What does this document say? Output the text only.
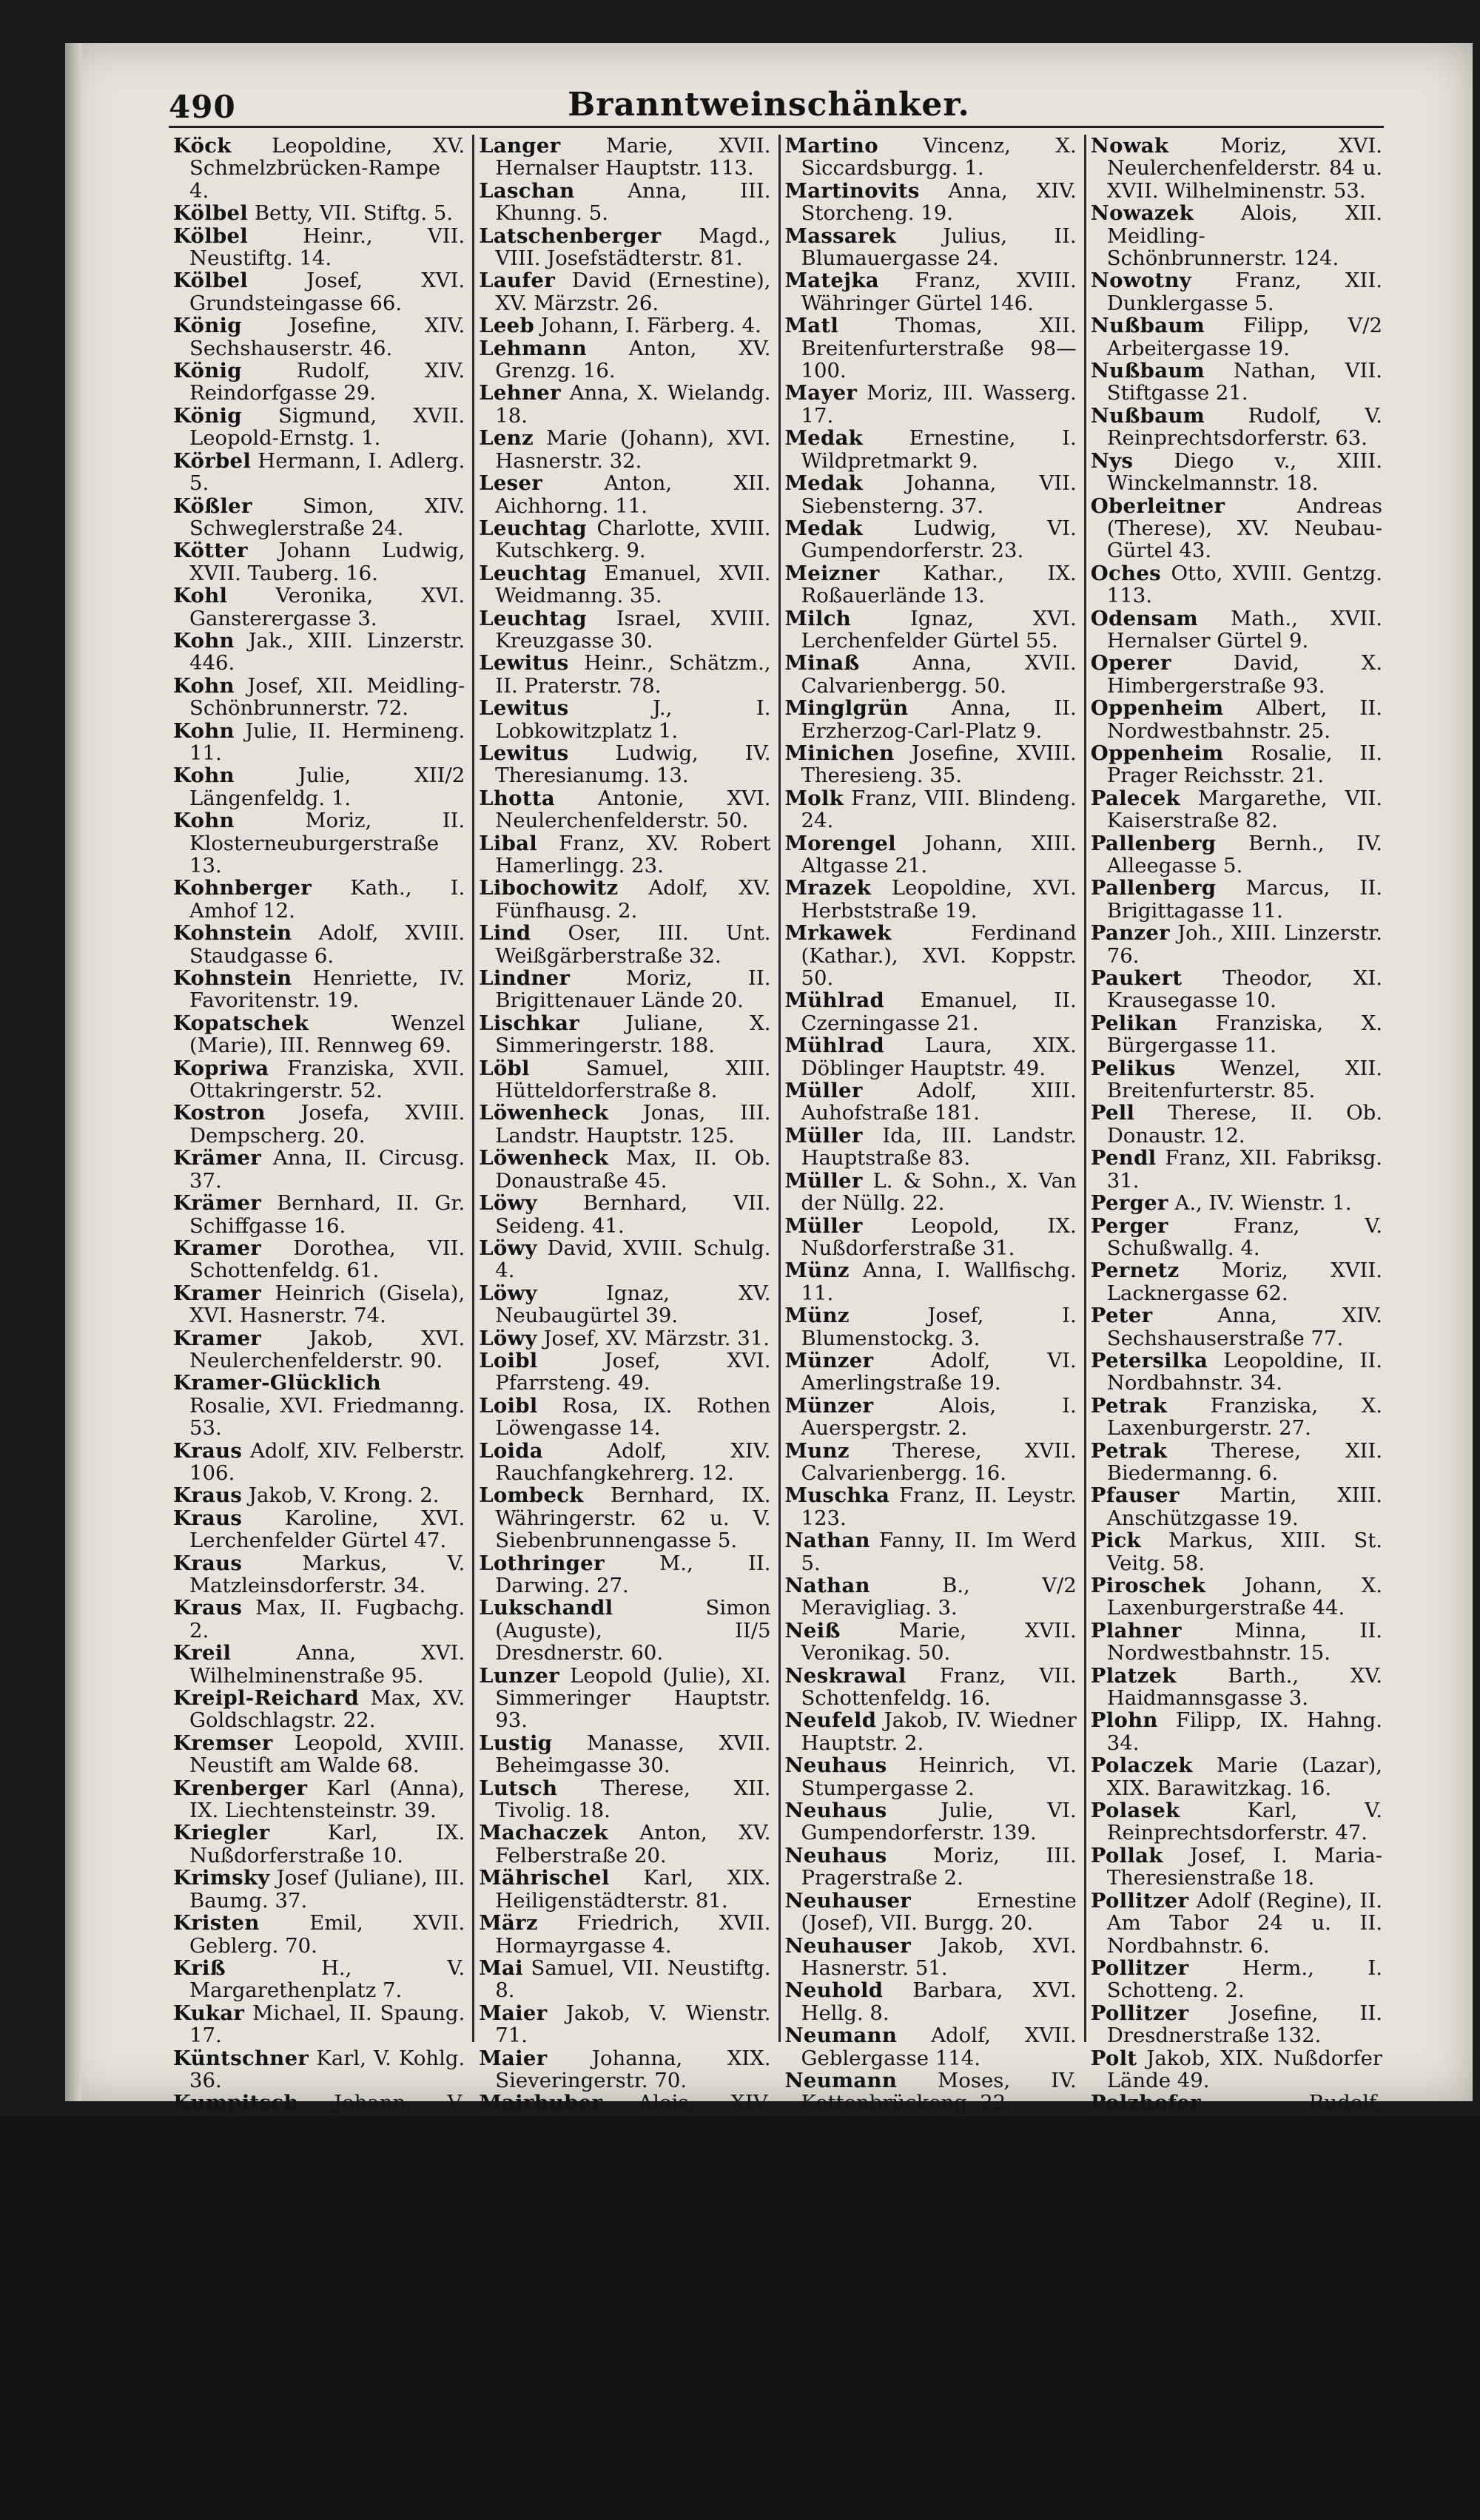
490	Branntweinschänker.
Köck Leopoldine, XV. Schmelzbrücken-Rampe 4.
Kölbel Betty, VII. Stiftg. 5.
Kölbel	Heinr., VII. Neustiftg. 14.
Kölbel	Josef, XVI. Grundsteingasse 66.
König Josefine, XIV. Sechshauserstr. 46.
König	Rudolf, XIV. Reindorfgasse 29.
König Sigmund, XVII. Leopold-Ernstg. 1.
Körbel Hermann, I. Adlerg. 5.
Kößler Simon, XIV. Schweglerstraße 24.
Kötter Johann Ludwig, XVII. Tauberg. 16.
Kohl Veronika, XVI. Gansterergasse 3.
Kohn Jak., XIII. Linzerstr. 446.
Kohn Josef, XII. Meidling-Schönbrunnerstr. 72.
Kohn Julie, II. Hermineng. 11.
Kohn	Julie, XII/2 Längenfeldg. 1.
Kohn	Moriz, II. Klosterneuburgerstraße 13.
Kohnberger Kath., I. Amhof 12.
Kohnstein Adolf, XVIII. Staudgasse 6.
Kohnstein Henriette, IV. Favoritenstr. 19.
Kopatschek	Wenzel (Marie), III. Rennweg 69.
Kopriwa Franziska, XVII. Ottakringerstr. 52.
Kostron Josefa, XVIII. Dempscherg. 20.
Krämer Anna, II. Circusg. 37.
Krämer Bernhard, II. Gr. Schiffgasse 16.
Kramer Dorothea, VII. Schottenfeldg. 61.
Kramer Heinrich (Gisela), XVI. Hasnerstr. 74.
Kramer Jakob, XVI. Neulerchenfelderstr. 90.
Kramer-Glücklich Rosalie, XVI. Friedmanng. 53.
Kraus Adolf, XIV. Felberstr. 106.
Kraus Jakob, V. Krong. 2.
Kraus Karoline, XVI. Lerchenfelder Gürtel 47.
Kraus	Markus, V. Matzleinsdorferstr. 34.
Kraus Max, II. Fugbachg. 2.
Kreil	Anna, XVI. Wilhelminenstraße 95.
Kreipl-Reichard Max, XV. Goldschlagstr. 22.
Kremser Leopold, XVIII. Neustift am Walde 68.
Krenberger Karl (Anna), IX. Liechtensteinstr. 39.
Kriegler	Karl, IX. Nußdorferstraße 10.
Krimsky Josef (Juliane), III. Baumg. 37.
Kristen Emil, XVII. Geblerg. 70.
Kriß	H., V. Margarethenplatz 7.
Kukar Michael, II. Spaung. 17.
Küntschner Karl, V. Kohlg. 36.
Kumpitsch Johann, V. Wimmergasse 34.
Kuncl Josef, XIII. Linzerstr. 45.
Kuntschick Josef, I. Landesgerichtsstr. 10.
Kurz S., XIX. Döblinger Hauptstraße 23.
Kuzdat	Johann, VI. Gumpendorferstr. 123.
Lackner Sigmund, XVIII. Johann Nepomuk Voglplatz 1.
Lang	A., XVIII. Ladenburgg. 20.
Lang Wenzel, XIV. Fenzlg. 17.
Langer	Jos., X. Himbergerstr. 148.
Langer Marie, XVII. Hernalser Hauptstr. 113.
Laschan	Anna, III. Khunng. 5.
Latschenberger Magd., VIII. Josefstädterstr. 81.
Laufer David (Ernestine), XV. Märzstr. 26.
Leeb Johann, I. Färberg. 4.
Lehmann Anton, XV. Grenzg. 16.
Lehner Anna, X. Wielandg. 18.
Lenz Marie (Johann), XVI. Hasnerstr. 32.
Leser	Anton, XII. Aichhorng. 11.
Leuchtag Charlotte, XVIII. Kutschkerg. 9.
Leuchtag Emanuel, XVII. Weidmanng. 35.
Leuchtag Israel, XVIII. Kreuzgasse 30.
Lewitus Heinr., Schätzm., II. Praterstr. 78.
Lewitus	J., I. Lobkowitzplatz 1.
Lewitus Ludwig, IV. Theresianumg. 13.
Lhotta Antonie, XVI. Neulerchenfelderstr. 50.
Libal Franz, XV. Robert Hamerlingg. 23.
Libochowitz Adolf, XV. Fünfhausg. 2.
Lind Oser, III. Unt. Weißgärberstraße 32.
Lindner	Moriz, II. Brigittenauer Lände 20.
Lischkar Juliane, X. Simmeringerstr. 188.
Löbl	Samuel, XIII. Hütteldorferstraße 8.
Löwenheck Jonas, III. Landstr. Hauptstr. 125.
Löwenheck Max, II. Ob. Donaustraße 45.
Löwy Bernhard, VII. Seideng. 41.
Löwy David, XVIII. Schulg. 4.
Löwy	Ignaz, XV. Neubaugürtel 39.
Löwy Josef, XV. Märzstr. 31.
Loibl	Josef, XVI. Pfarrsteng. 49.
Loibl Rosa, IX. Rothen Löwengasse 14.
Loida	Adolf, XIV. Rauchfangkehrerg. 12.
Lombeck Bernhard, IX. Währingerstr. 62 u. V. Siebenbrunnengasse 5.
Lothringer	M., II. Darwing. 27.
Lukschandl	Simon (Auguste), II/5 Dresdnerstr. 60.
Lunzer Leopold (Julie), XI. Simmeringer Hauptstr. 93.
Lustig Manasse, XVII. Beheimgasse 30.
Lutsch Therese, XII. Tivolig. 18.
Machaczek Anton, XV. Felberstraße 20.
Mährischel Karl, XIX. Heiligenstädterstr. 81.
März Friedrich, XVII. Hormayrgasse 4.
Mai Samuel, VII. Neustiftg. 8.
Maier Jakob, V. Wienstr. 71.
Maier Johanna, XIX. Sieveringerstr. 70.
Mairhuber Alois, XIV. Diefenbachg. 50.
Maiß Wilhemine, XIII. Linzerstraße 234.
Mandl	Gabriel, II. Engerthstraße 202.
Marmorek Rosa, II. Fugbachgasse 17.
Marmorek Simon, II. Springergasse 12.
Marschall Anna, V. Reinprechtsdorferstr. 42.
Martino Vincenz, X. Siccardsburgg. 1.
Martinovits Anna, XIV. Storcheng. 19.
Massarek Julius, II. Blumauergasse 24.
Matejka Franz, XVIII. Währinger Gürtel 146.
Matl	Thomas, XII. Breitenfurterstraße 98—100.
Mayer Moriz, III. Wasserg. 17.
Medak Ernestine, I. Wildpretmarkt 9.
Medak Johanna, VII. Siebensterng. 37.
Medak Ludwig, VI. Gumpendorferstr. 23.
Meizner Kathar., IX. Roßauerlände 13.
Milch	Ignaz, XVI. Lerchenfelder Gürtel 55.
Minaß	Anna, XVII. Calvarienbergg. 50.
Minglgrün Anna, II. Erzherzog-Carl-Platz 9.
Minichen Josefine, XVIII. Theresieng. 35.
Molk Franz, VIII. Blindeng. 24.
Morengel Johann, XIII. Altgasse 21.
Mrazek Leopoldine, XVI. Herbststraße 19.
Mrkawek	Ferdinand (Kathar.), XVI. Koppstr. 50.
Mühlrad Emanuel, II. Czerningasse 21.
Mühlrad Laura, XIX. Döblinger Hauptstr. 49.
Müller	Adolf, XIII. Auhofstraße 181.
Müller Ida, III. Landstr. Hauptstraße 83.
Müller L. & Sohn., X. Van der Nüllg. 22.
Müller Leopold, IX. Nußdorferstraße 31.
Münz Anna, I. Wallfischg. 11.
Münz	Josef, I. Blumenstockg. 3.
Münzer	Adolf, VI. Amerlingstraße 19.
Münzer	Alois, I. Auerspergstr. 2.
Munz Therese, XVII. Calvarienbergg. 16.
Muschka Franz, II. Leystr. 123.
Nathan Fanny, II. Im Werd 5.
Nathan	B., V/2 Meravigliag. 3.
Neiß	Marie, XVII. Veronikag. 50.
Neskrawal Franz, VII. Schottenfeldg. 16.
Neufeld Jakob, IV. Wiedner Hauptstr. 2.
Neuhaus Heinrich, VI. Stumpergasse 2.
Neuhaus	Julie, VI. Gumpendorferstr. 139.
Neuhaus Moriz, III. Pragerstraße 2.
Neuhauser	Ernestine (Josef), VII. Burgg. 20.
Neuhauser Jakob, XVI. Hasnerstr. 51.
Neuhold Barbara, XVI. Hellg. 8.
Neumann Adolf, XVII. Geblergasse 114.
Neumann Moses, IV. Kettenbrückeng. 22.
Neumann Rudolfine, IV. Favoritenstr. 62.
Neumayer A., III. Landstr. Hauptstr. 157.
Neuron	Max, II. Rembrandtstr. 4.
Neustadtl Eduard, XIII. Mazingstr. 3.
Nowak Amalie, XVI. Ottakringerstr. 147.
Nowak	Moriz, XVI. Neulerchenfelderstr. 84 u. XVII. Wilhelminenstr. 53.
Nowazek Alois, XII. Meidling-Schönbrunnerstr. 124.
Nowotny Franz, XII. Dunklergasse 5.
Nußbaum Filipp, V/2 Arbeitergasse 19.
Nußbaum Nathan, VII. Stiftgasse 21.
Nußbaum Rudolf, V. Reinprechtsdorferstr. 63.
Nys Diego v., XIII. Winckelmannstr. 18.
Oberleitner	Andreas (Therese), XV. Neubau-Gürtel 43.
Oches Otto, XVIII. Gentzg. 113.
Odensam Math., XVII. Hernalser Gürtel 9.
Operer	David, X. Himbergerstraße 93.
Oppenheim Albert, II. Nordwestbahnstr. 25.
Oppenheim Rosalie, II. Prager Reichsstr. 21.
Palecek Margarethe, VII. Kaiserstraße 82.
Pallenberg Bernh., IV. Alleegasse 5.
Pallenberg Marcus, II. Brigittagasse 11.
Panzer Joh., XIII. Linzerstr. 76.
Paukert Theodor, XI. Krausegasse 10.
Pelikan Franziska, X. Bürgergasse 11.
Pelikus Wenzel, XII. Breitenfurterstr. 85.
Pell Therese, II. Ob. Donaustr. 12.
Pendl Franz, XII. Fabriksg. 31.
Perger A., IV. Wienstr. 1.
Perger	Franz, V. Schußwallg. 4.
Pernetz Moriz, XVII. Lacknergasse 62.
Peter	Anna, XIV. Sechshauserstraße 77.
Petersilka Leopoldine, II. Nordbahnstr. 34.
Petrak Franziska, X. Laxenburgerstr. 27.
Petrak Therese, XII. Biedermanng. 6.
Pfauser Martin, XIII. Anschützgasse 19.
Pick Markus, XIII. St. Veitg. 58.
Piroschek Johann, X. Laxenburgerstraße 44.
Plahner	Minna, II. Nordwestbahnstr. 15.
Platzek	Barth., XV. Haidmannsgasse 3.
Plohn Filipp, IX. Hahng. 34.
Polaczek Marie (Lazar), XIX. Barawitzkag. 16.
Polasek	Karl, V. Reinprechtsdorferstr. 47.
Pollak Josef, I. Maria-Theresienstraße 18.
Pollitzer Adolf (Regine), II. Am Tabor 24 u. II. Nordbahnstr. 6.
Pollitzer	Herm., I. Schotteng. 2.
Pollitzer Josefine, II. Dresdnerstraße 132.
Polt Jakob, XIX. Nußdorfer Lände 49.
Polzhofer	Rudolf, Schätzmeister, (Marie), VI. Gumpendorferstraße 81.
Poppenberger	Ferd., XVIII. Gentzg. 51.
Porjes Wolf, II. Ob. Donaustraße 12.
Porschel	Anna, VI. Dambökgasse 9.
